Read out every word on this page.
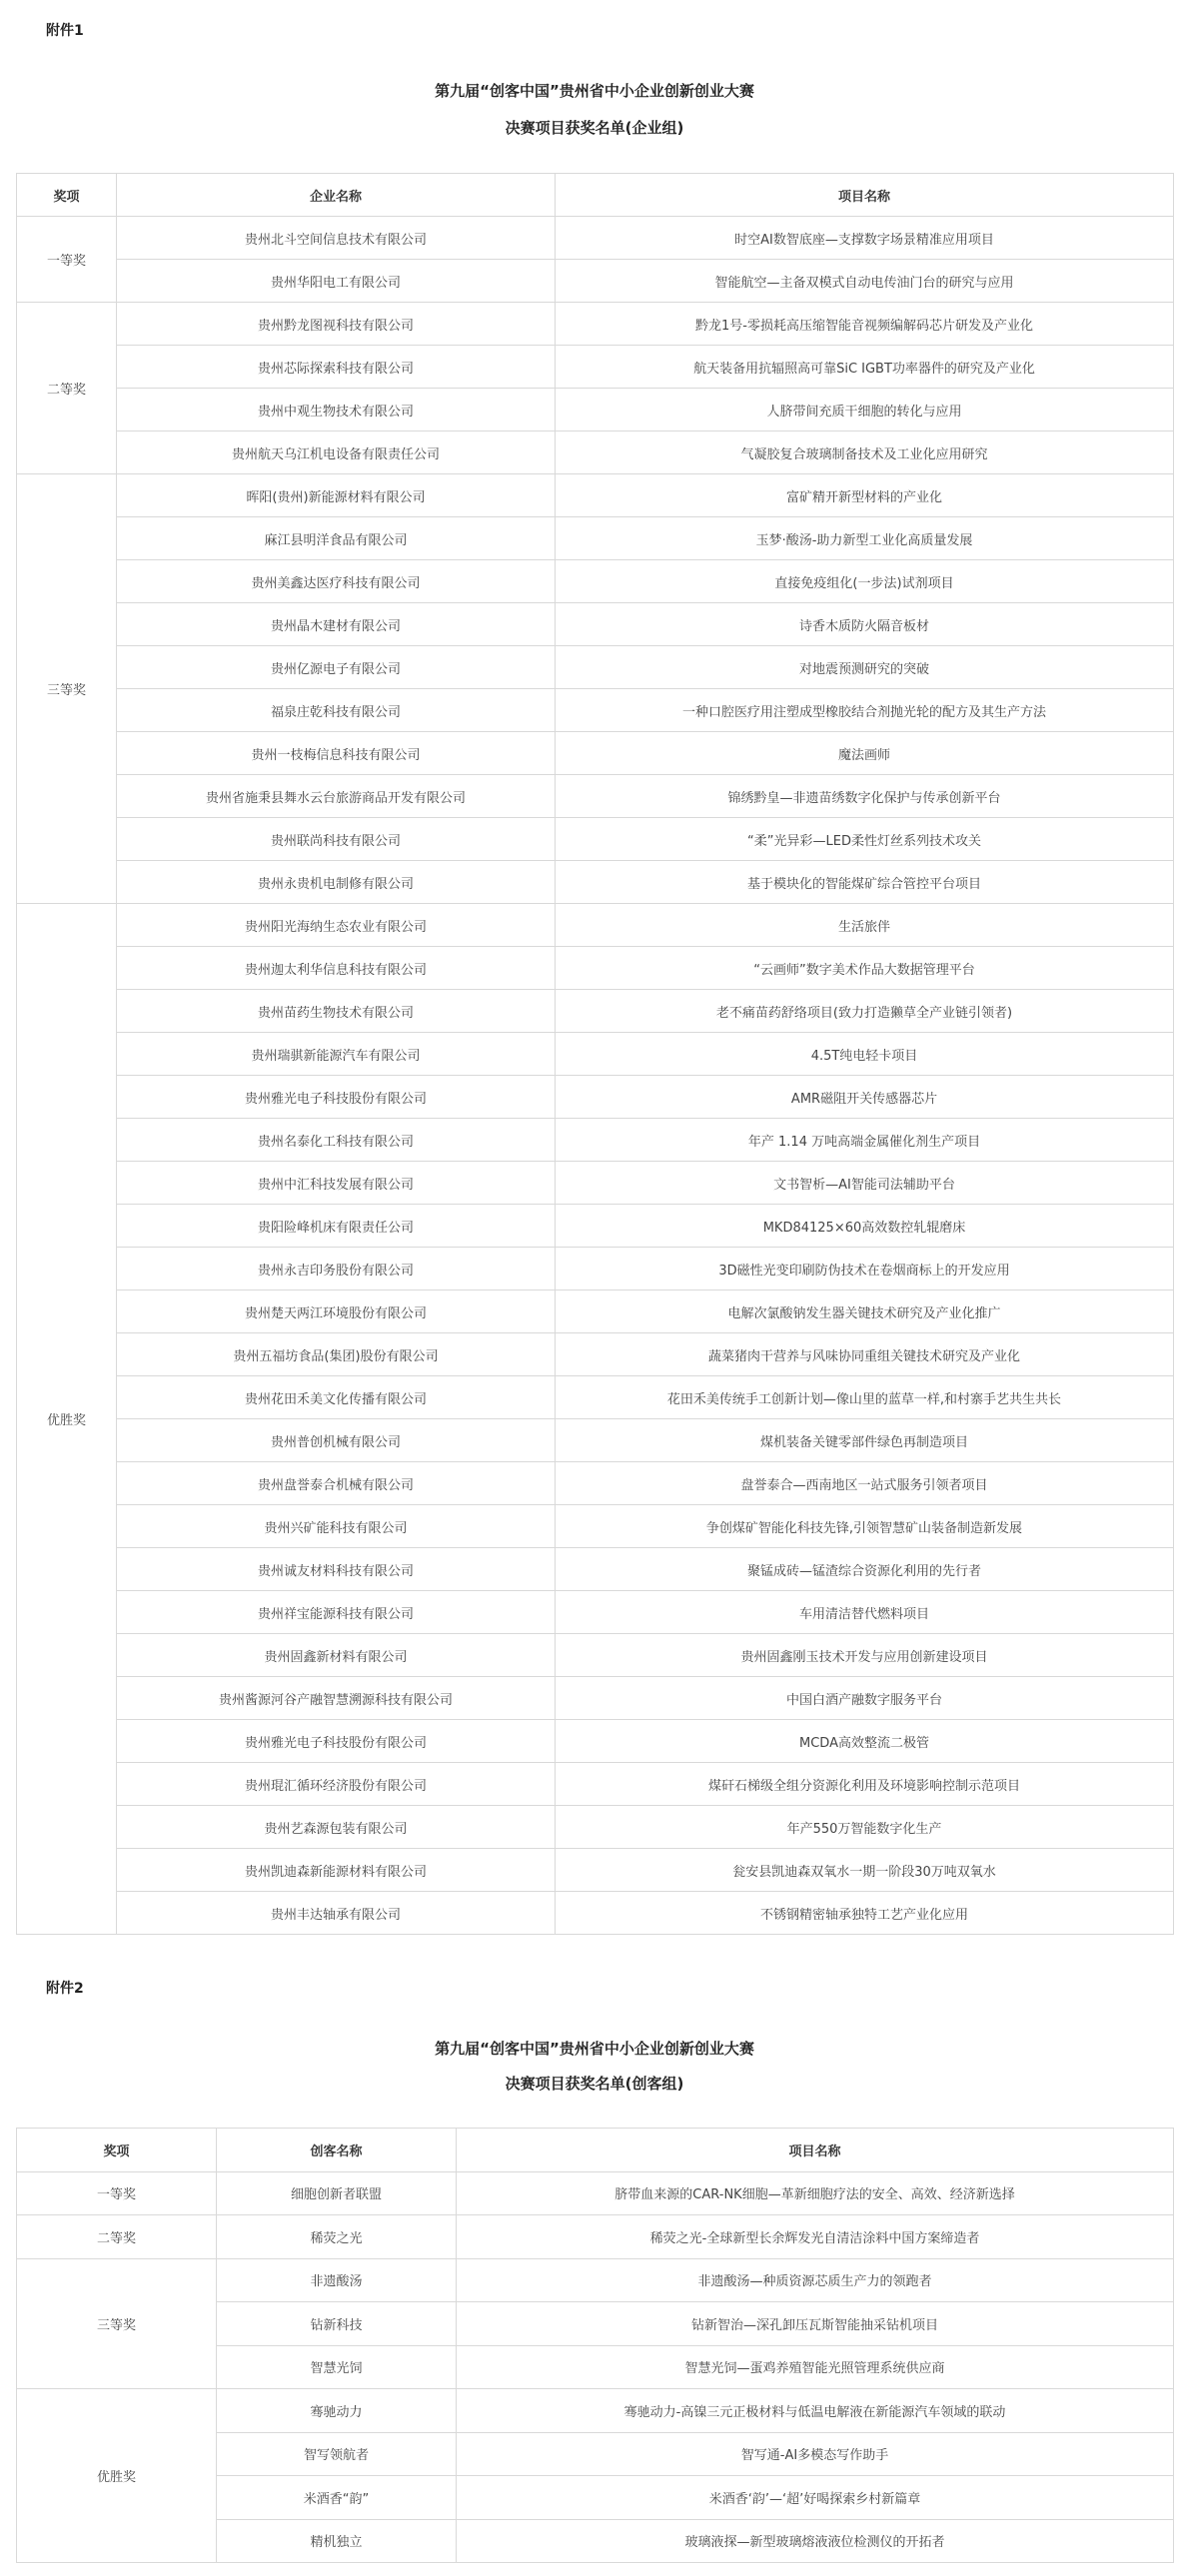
附件1
第九届“创客中国”贵州省中小企业创新创业大赛
决赛项目获奖名单(企业组)
奖项	企业名称	项目名称
一等奖	贵州北斗空间信息技术有限公司	时空AI数智底座—支撑数字场景精准应用项目
	贵州华阳电工有限公司	智能航空—主备双模式自动电传油门台的研究与应用
二等奖	贵州黔龙图视科技有限公司	黔龙1号-零损耗高压缩智能音视频编解码芯片研发及产业化
	贵州芯际探索科技有限公司	航天装备用抗辐照高可靠SiC IGBT功率器件的研究及产业化
	贵州中观生物技术有限公司	人脐带间充质干细胞的转化与应用
	贵州航天乌江机电设备有限责任公司	气凝胶复合玻璃制备技术及工业化应用研究
三等奖	晖阳(贵州)新能源材料有限公司	富矿精开新型材料的产业化
	麻江县明洋食品有限公司	玉梦·酸汤-助力新型工业化高质量发展
	贵州美鑫达医疗科技有限公司	直接免疫组化(一步法)试剂项目
	贵州晶木建材有限公司	诗香木质防火隔音板材
	贵州亿源电子有限公司	对地震预测研究的突破
	福泉庄乾科技有限公司	一种口腔医疗用注塑成型橡胶结合剂抛光轮的配方及其生产方法
	贵州一枝梅信息科技有限公司	魔法画师
	贵州省施秉县舞水云台旅游商品开发有限公司	锦绣黔皇—非遗苗绣数字化保护与传承创新平台
	贵州联尚科技有限公司	“柔”光异彩—LED柔性灯丝系列技术攻关
	贵州永贵机电制修有限公司	基于模块化的智能煤矿综合管控平台项目
优胜奖	贵州阳光海纳生态农业有限公司	生活旅伴
	贵州迦太利华信息科技有限公司	“云画师”数字美术作品大数据管理平台
	贵州苗药生物技术有限公司	老不痛苗药舒络项目(致力打造獭草全产业链引领者)
	贵州瑞骐新能源汽车有限公司	4.5T纯电轻卡项目
	贵州雅光电子科技股份有限公司	AMR磁阻开关传感器芯片
	贵州名泰化工科技有限公司	年产 1.14 万吨高端金属催化剂生产项目
	贵州中汇科技发展有限公司	文书智析—AI智能司法辅助平台
	贵阳险峰机床有限责任公司	MKD84125×60高效数控轧辊磨床
	贵州永吉印务股份有限公司	3D磁性光变印刷防伪技术在卷烟商标上的开发应用
	贵州楚天两江环境股份有限公司	电解次氯酸钠发生器关键技术研究及产业化推广
	贵州五福坊食品(集团)股份有限公司	蔬菜猪肉干营养与风味协同重组关键技术研究及产业化
	贵州花田禾美文化传播有限公司	花田禾美传统手工创新计划—像山里的蓝草一样,和村寨手艺共生共长
	贵州普创机械有限公司	煤机装备关键零部件绿色再制造项目
	贵州盘誉泰合机械有限公司	盘誉泰合—西南地区一站式服务引领者项目
	贵州兴矿能科技有限公司	争创煤矿智能化科技先锋,引领智慧矿山装备制造新发展
	贵州诚友材料科技有限公司	聚锰成砖—锰渣综合资源化利用的先行者
	贵州祥宝能源科技有限公司	车用清洁替代燃料项目
	贵州固鑫新材料有限公司	贵州固鑫刚玉技术开发与应用创新建设项目
	贵州酱源河谷产融智慧溯源科技有限公司	中国白酒产融数字服务平台
	贵州雅光电子科技股份有限公司	MCDA高效整流二极管
	贵州琨汇循环经济股份有限公司	煤矸石梯级全组分资源化利用及环境影响控制示范项目
	贵州艺森源包装有限公司	年产550万智能数字化生产
	贵州凯迪森新能源材料有限公司	瓮安县凯迪森双氧水一期一阶段30万吨双氧水
	贵州丰达轴承有限公司	不锈钢精密轴承独特工艺产业化应用
附件2
第九届“创客中国”贵州省中小企业创新创业大赛
决赛项目获奖名单(创客组)
奖项	创客名称	项目名称
一等奖	细胞创新者联盟	脐带血来源的CAR-NK细胞—革新细胞疗法的安全、高效、经济新选择
二等奖	稀荧之光	稀荧之光-全球新型长余辉发光自清洁涂料中国方案缔造者
三等奖	非遗酸汤	非遗酸汤—种质资源芯质生产力的领跑者
	钻新科技	钻新智治—深孔卸压瓦斯智能抽采钻机项目
	智慧光饲	智慧光饲—蛋鸡养殖智能光照管理系统供应商
优胜奖	骞驰动力	骞驰动力-高镍三元正极材料与低温电解液在新能源汽车领域的联动
	智写领航者	智写通-AI多模态写作助手
	米酒香“韵”	米酒香‘韵’—‘超’好喝探索乡村新篇章
	精机独立	玻璃液探—新型玻璃熔液液位检测仪的开拓者
